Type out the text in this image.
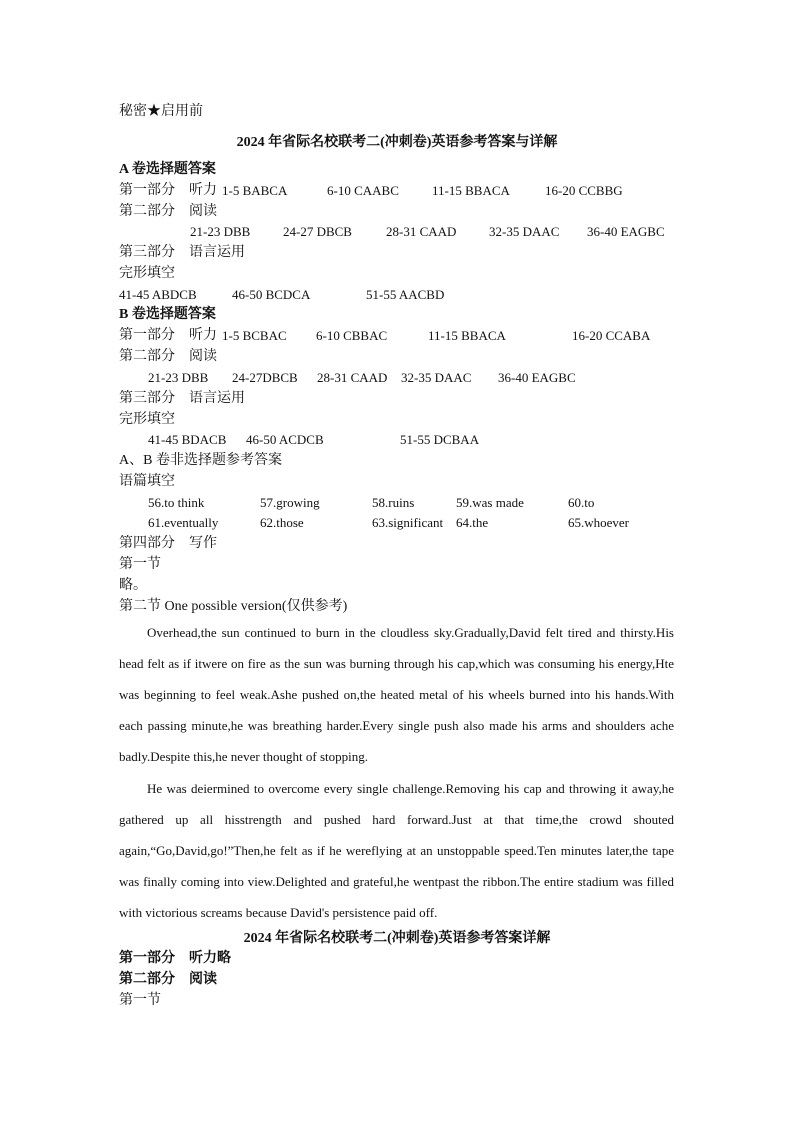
秘密★启用前
2024 年省际名校联考二(冲刺卷)英语参考答案与详解
A 卷选择题答案
第一部分　听力 1-5 BABCA	6-10 CAABC	11-15 BBACA	16-20 CCBBG
第二部分　阅读
21-23 DBB	24-27 DBCB	28-31 CAAD	32-35 DAAC 36-40 EAGBC
第三部分　语言运用
完形填空
41-45 ABDCB	46-50 BCDCA	51-55 AACBD
B 卷选择题答案
第一部分　听力 1-5 BCBAC 6-10 CBBAC	11-15 BBACA	16-20 CCABA
第二部分　阅读
21-23 DBB 24-27DBCB 28-31 CAAD 32-35 DAAC 36-40 EAGBC
第三部分　语言运用
完形填空
41-45 BDACB 46-50 ACDCB	51-55 DCBAA
A、B 卷非选择题参考答案
语篇填空
56.to think	57.growing	58.ruins	59.was made	60.to
61.eventually	62.those	63.significant 64.the	65.whoever
第四部分　写作
第一节
略。
第二节 One possible version(仅供参考)
Overhead,the sun continued to burn in the cloudless sky.Gradually,David felt tired and thirsty.His head felt as if itwere on fire as the sun was burning through his cap,which was consuming his energy,Hte was beginning to feel weak.Ashe pushed on,the heated metal of his wheels burned into his hands.With each passing minute,he was breathing harder.Every single push also made his arms and shoulders ache badly.Despite this,he never thought of stopping.
He was deiermined to overcome every single challenge.Removing his cap and throwing it away,he gathered up all hisstrength and pushed hard forward.Just at that time,the crowd shouted again,“Go,David,go!”Then,he felt as if he wereflying at an unstoppable speed.Ten minutes later,the tape was finally coming into view.Delighted and grateful,he wentpast the ribbon.The entire stadium was filled with victorious screams because David's persistence paid off.
2024 年省际名校联考二(冲刺卷)英语参考答案详解
第一部分　听力略
第二部分　阅读
第一节
